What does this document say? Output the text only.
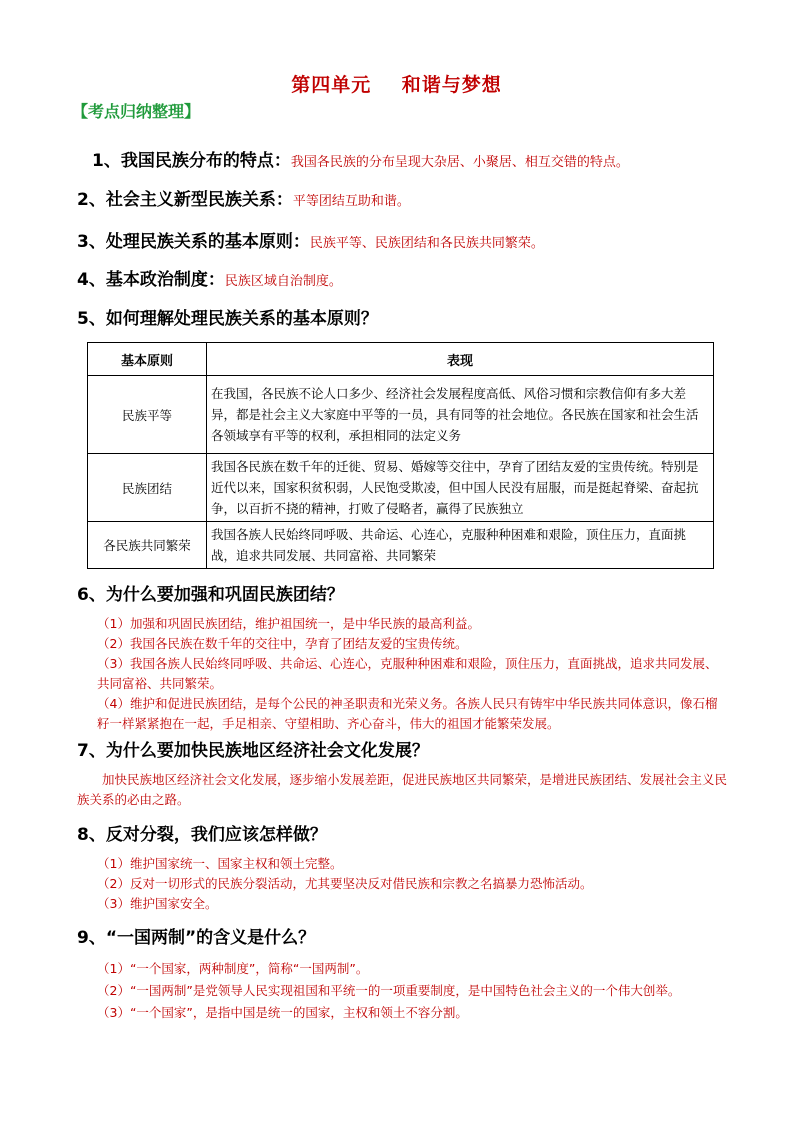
第四单元    和谐与梦想
【考点归纳整理】
1、我国民族分布的特点：我国各民族的分布呈现大杂居、小聚居、相互交错的特点。
2、社会主义新型民族关系：平等团结互助和谐。
3、处理民族关系的基本原则：民族平等、民族团结和各民族共同繁荣。
4、基本政治制度：民族区域自治制度。
5、如何理解处理民族关系的基本原则？
基本原则	表现
民族平等	在我国，各民族不论人口多少、经济社会发展程度高低、风俗习惯和宗教信仰有多大差异，都是社会主义大家庭中平等的一员，具有同等的社会地位。各民族在国家和社会生活各领域享有平等的权利，承担相同的法定义务
民族团结	我国各民族在数千年的迁徙、贸易、婚嫁等交往中，孕育了团结友爱的宝贵传统。特别是近代以来，国家积贫积弱，人民饱受欺凌，但中国人民没有屈服，而是挺起脊梁、奋起抗争，以百折不挠的精神，打败了侵略者，赢得了民族独立
各民族共同繁荣	我国各族人民始终同呼吸、共命运、心连心，克服种种困难和艰险，顶住压力，直面挑战，追求共同发展、共同富裕、共同繁荣
6、为什么要加强和巩固民族团结？
（1）加强和巩固民族团结，维护祖国统一，是中华民族的最高利益。
（2）我国各民族在数千年的交往中，孕育了团结友爱的宝贵传统。
（3）我国各族人民始终同呼吸、共命运、心连心，克服种种困难和艰险，顶住压力，直面挑战，追求共同发展、共同富裕、共同繁荣。
（4）维护和促进民族团结，是每个公民的神圣职责和光荣义务。各族人民只有铸牢中华民族共同体意识，像石榴籽一样紧紧抱在一起，手足相亲、守望相助、齐心奋斗，伟大的祖国才能繁荣发展。
7、为什么要加快民族地区经济社会文化发展？
加快民族地区经济社会文化发展，逐步缩小发展差距，促进民族地区共同繁荣，是增进民族团结、发展社会主义民族关系的必由之路。
8、反对分裂，我们应该怎样做？
（1）维护国家统一、国家主权和领土完整。
（2）反对一切形式的民族分裂活动，尤其要坚决反对借民族和宗教之名搞暴力恐怖活动。
（3）维护国家安全。
9、“一国两制”的含义是什么？
（1）“一个国家，两种制度”，简称“一国两制”。
（2）“一国两制”是党领导人民实现祖国和平统一的一项重要制度，是中国特色社会主义的一个伟大创举。
（3）“一个国家”，是指中国是统一的国家，主权和领土不容分割。
